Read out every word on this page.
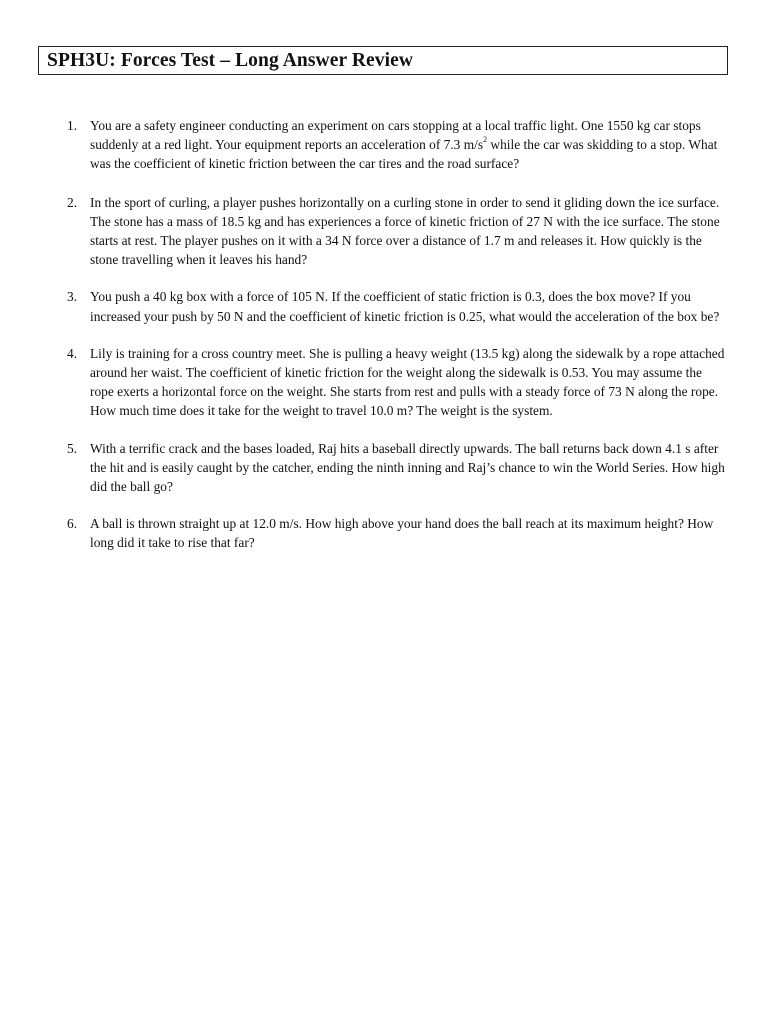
SPH3U: Forces Test – Long Answer Review
1. You are a safety engineer conducting an experiment on cars stopping at a local traffic light. One 1550 kg car stops suddenly at a red light. Your equipment reports an acceleration of 7.3 $m/s^2$ while the car was skidding to a stop. What was the coefficient of kinetic friction between the car tires and the road surface?
2. In the sport of curling, a player pushes horizontally on a curling stone in order to send it gliding down the ice surface. The stone has a mass of 18.5 kg and has experiences a force of kinetic friction of 27 N with the ice surface. The stone starts at rest. The player pushes on it with a 34 N force over a distance of 1.7 m and releases it. How quickly is the stone travelling when it leaves his hand?
3. You push a 40 kg box with a force of 105 N. If the coefficient of static friction is 0.3, does the box move? If you increased your push by 50 N and the coefficient of kinetic friction is 0.25, what would the acceleration of the box be?
4. Lily is training for a cross country meet. She is pulling a heavy weight (13.5 kg) along the sidewalk by a rope attached around her waist. The coefficient of kinetic friction for the weight along the sidewalk is 0.53. You may assume the rope exerts a horizontal force on the weight. She starts from rest and pulls with a steady force of 73 N along the rope. How much time does it take for the weight to travel 10.0 m? The weight is the system.
5. With a terrific crack and the bases loaded, Raj hits a baseball directly upwards. The ball returns back down 4.1 s after the hit and is easily caught by the catcher, ending the ninth inning and Raj’s chance to win the World Series. How high did the ball go?
6. A ball is thrown straight up at 12.0 m/s. How high above your hand does the ball reach at its maximum height? How long did it take to rise that far?
